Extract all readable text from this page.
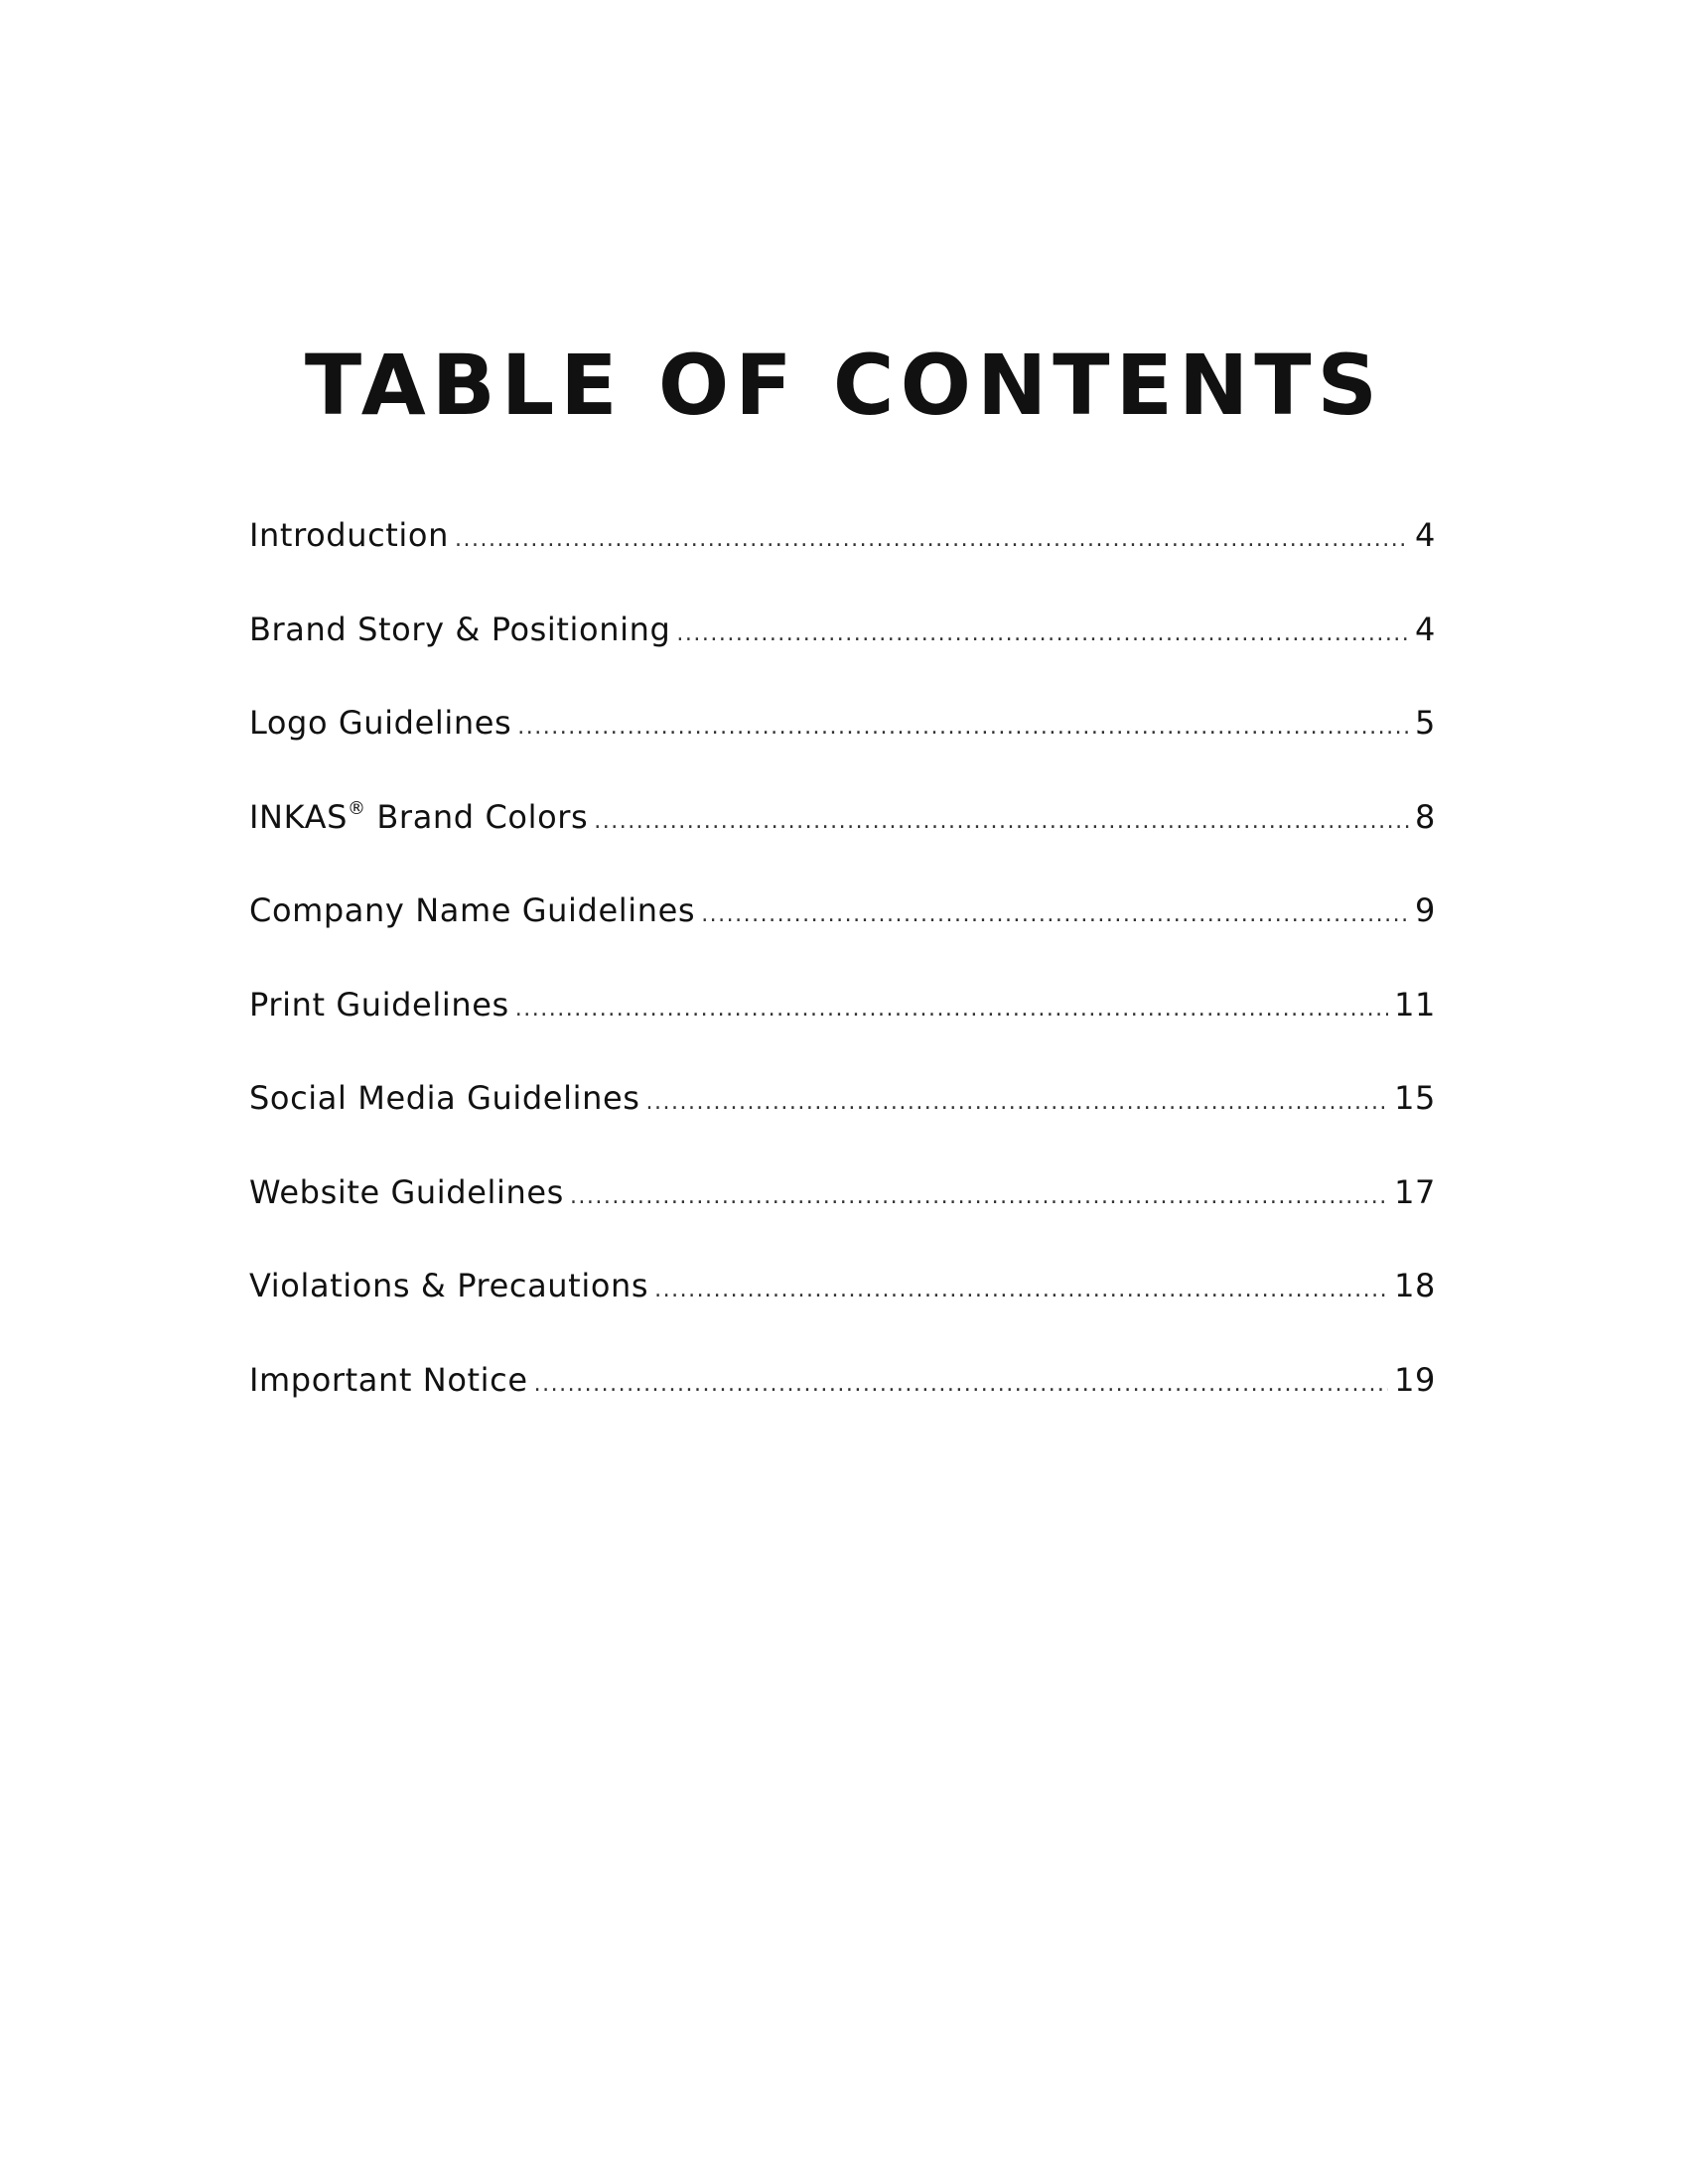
TABLE OF CONTENTS
Introduction .....	4
Brand Story & Positioning .....	4
Logo Guidelines .....	5
INKAS® Brand Colors .....	8
Company Name Guidelines .....	9
Print Guidelines .....	11
Social Media Guidelines .....	15
Website Guidelines .....	17
Violations & Precautions .....	18
Important Notice .....	19
